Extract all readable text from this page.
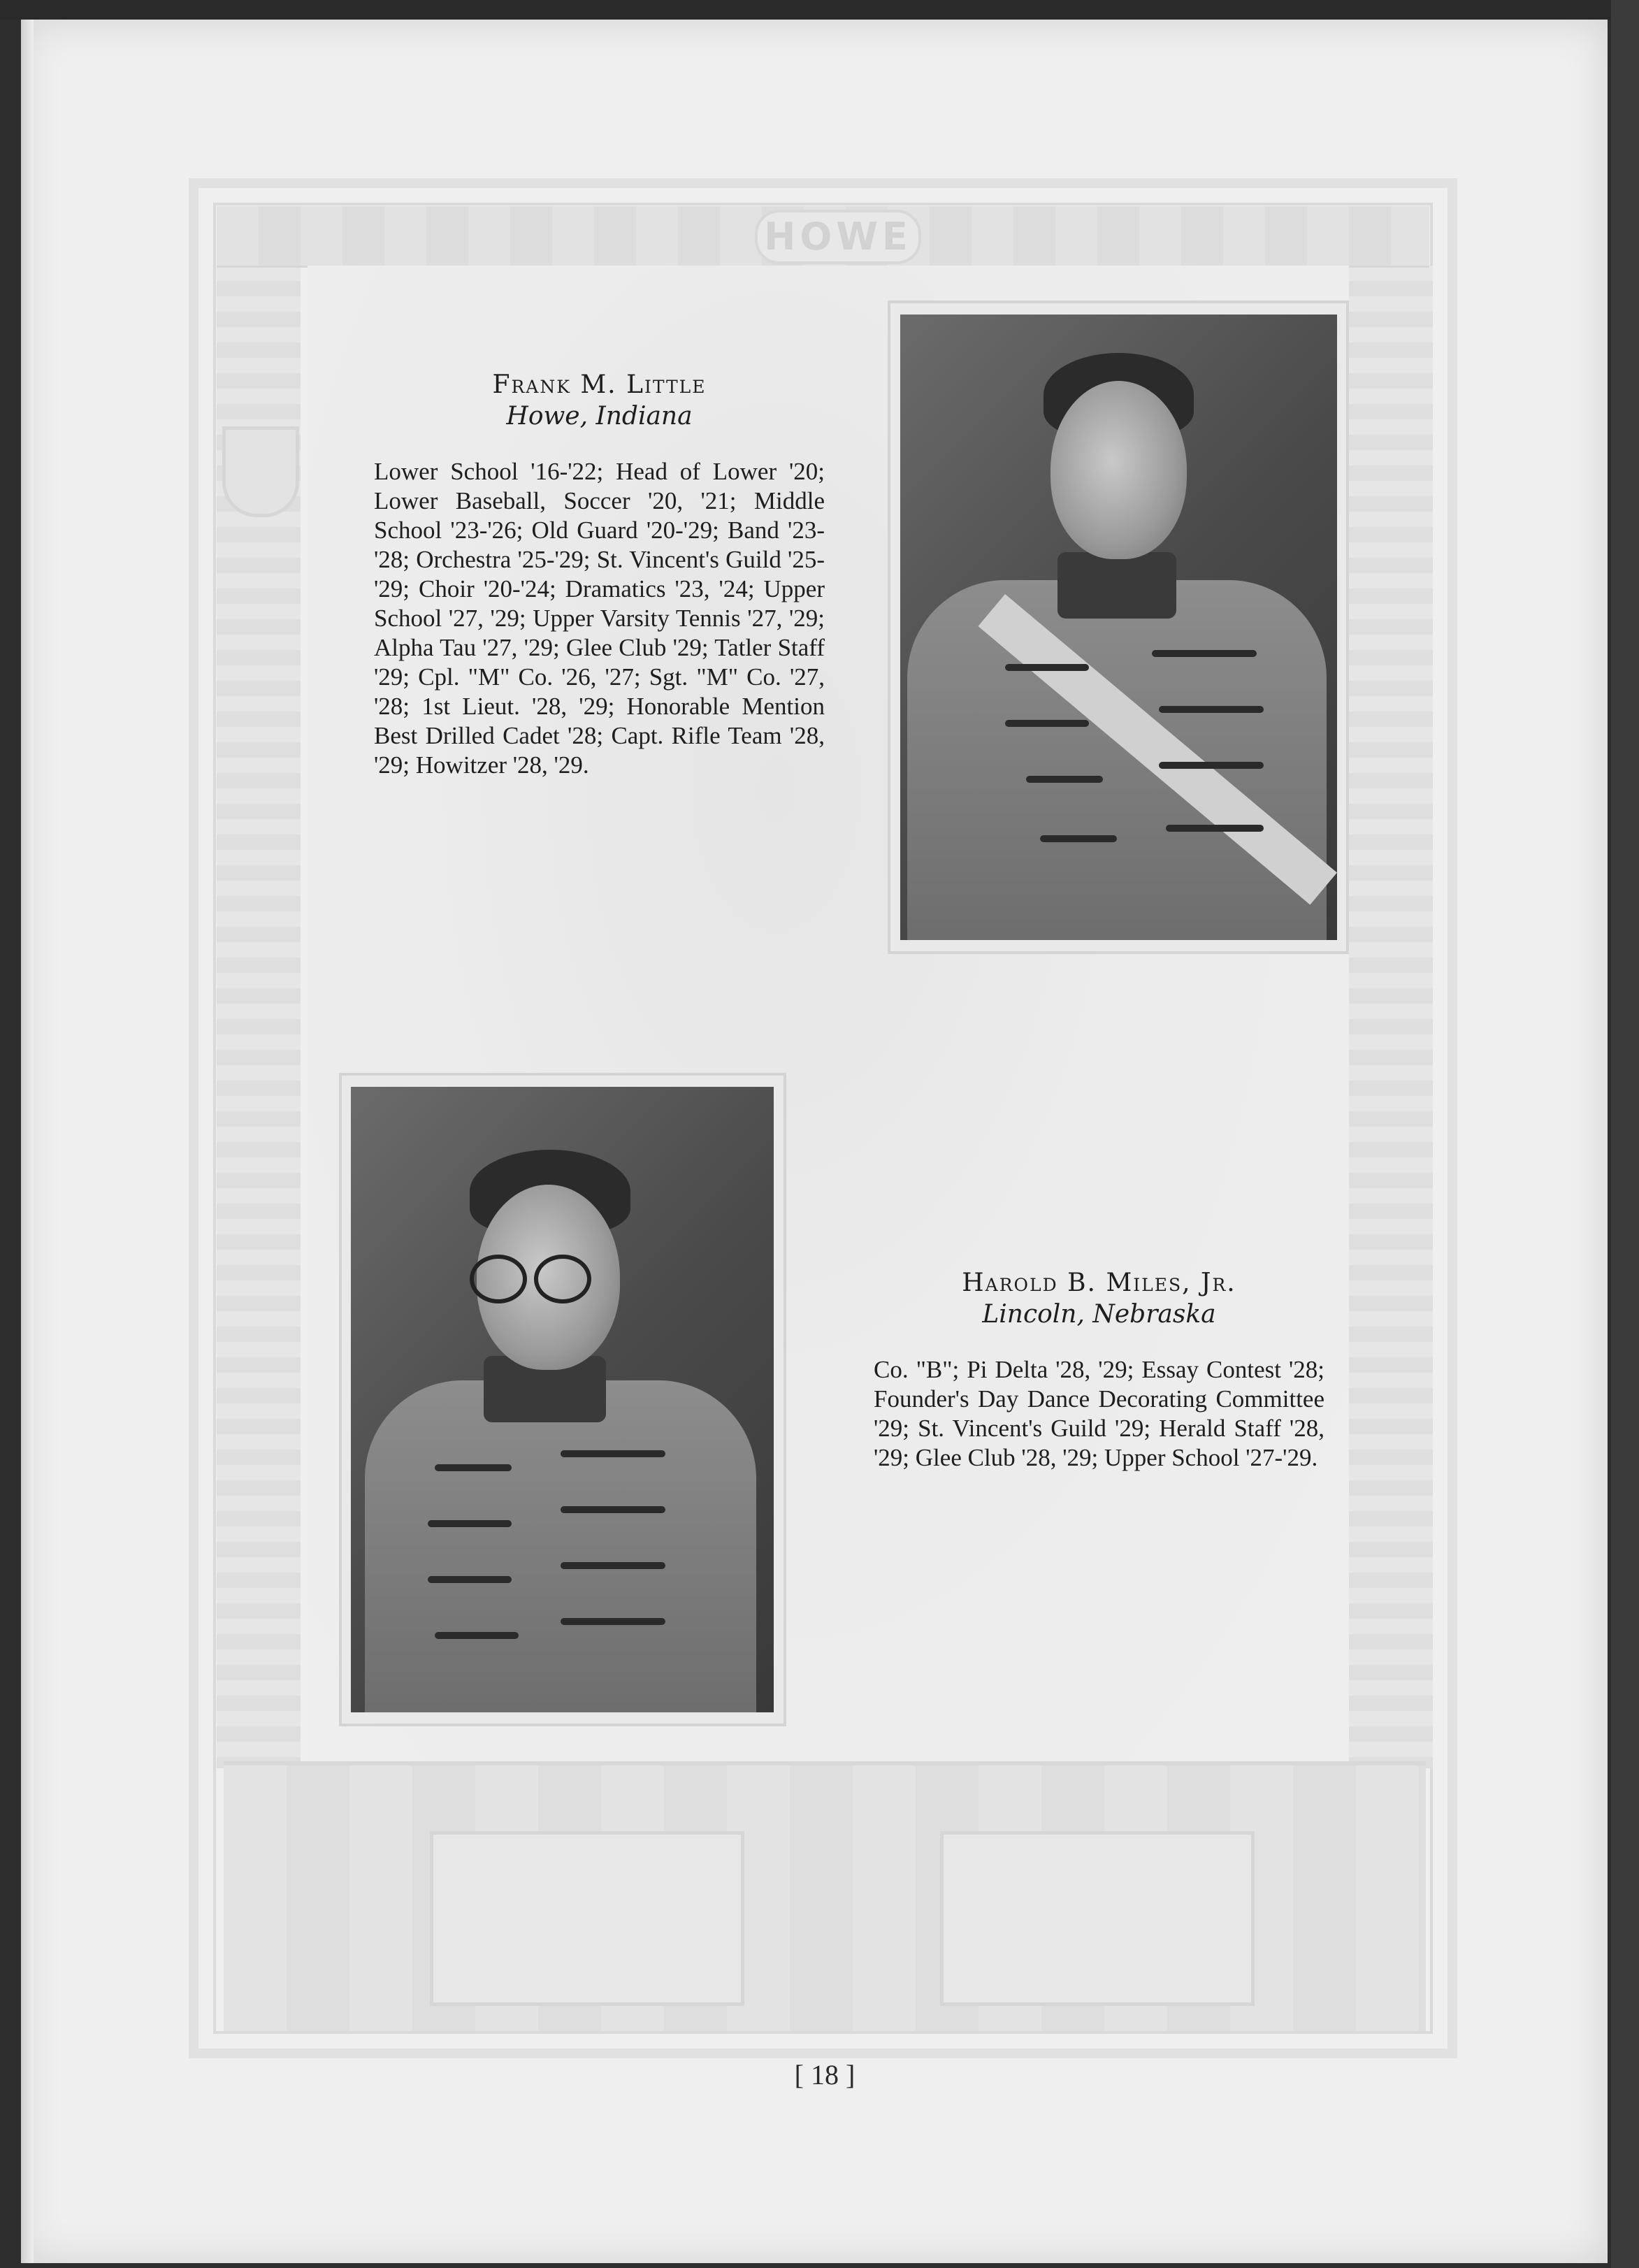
HOWE

Frank M. Little

Howe, Indiana

Lower School '16-'22; Head of Lower '20; Lower Baseball, Soccer '20, '21; Middle School '23-'26; Old Guard '20-'29; Band '23-'28; Orchestra '25-'29; St. Vincent's Guild '25-'29; Choir '20-'24; Dramatics '23, '24; Upper School '27, '29; Upper Varsity Tennis '27, '29; Alpha Tau '27, '29; Glee Club '29; Tatler Staff '29; Cpl. "M" Co. '26, '27; Sgt. "M" Co. '27, '28; 1st Lieut. '28, '29; Honorable Mention Best Drilled Cadet '28; Capt. Rifle Team '28, '29; Howitzer '28, '29.

Harold B. Miles, Jr.

Lincoln, Nebraska

Co. "B"; Pi Delta '28, '29; Essay Contest '28; Founder's Day Dance Decorating Committee '29; St. Vincent's Guild '29; Herald Staff '28, '29; Glee Club '28, '29; Upper School '27-'29.

[ 18 ]
